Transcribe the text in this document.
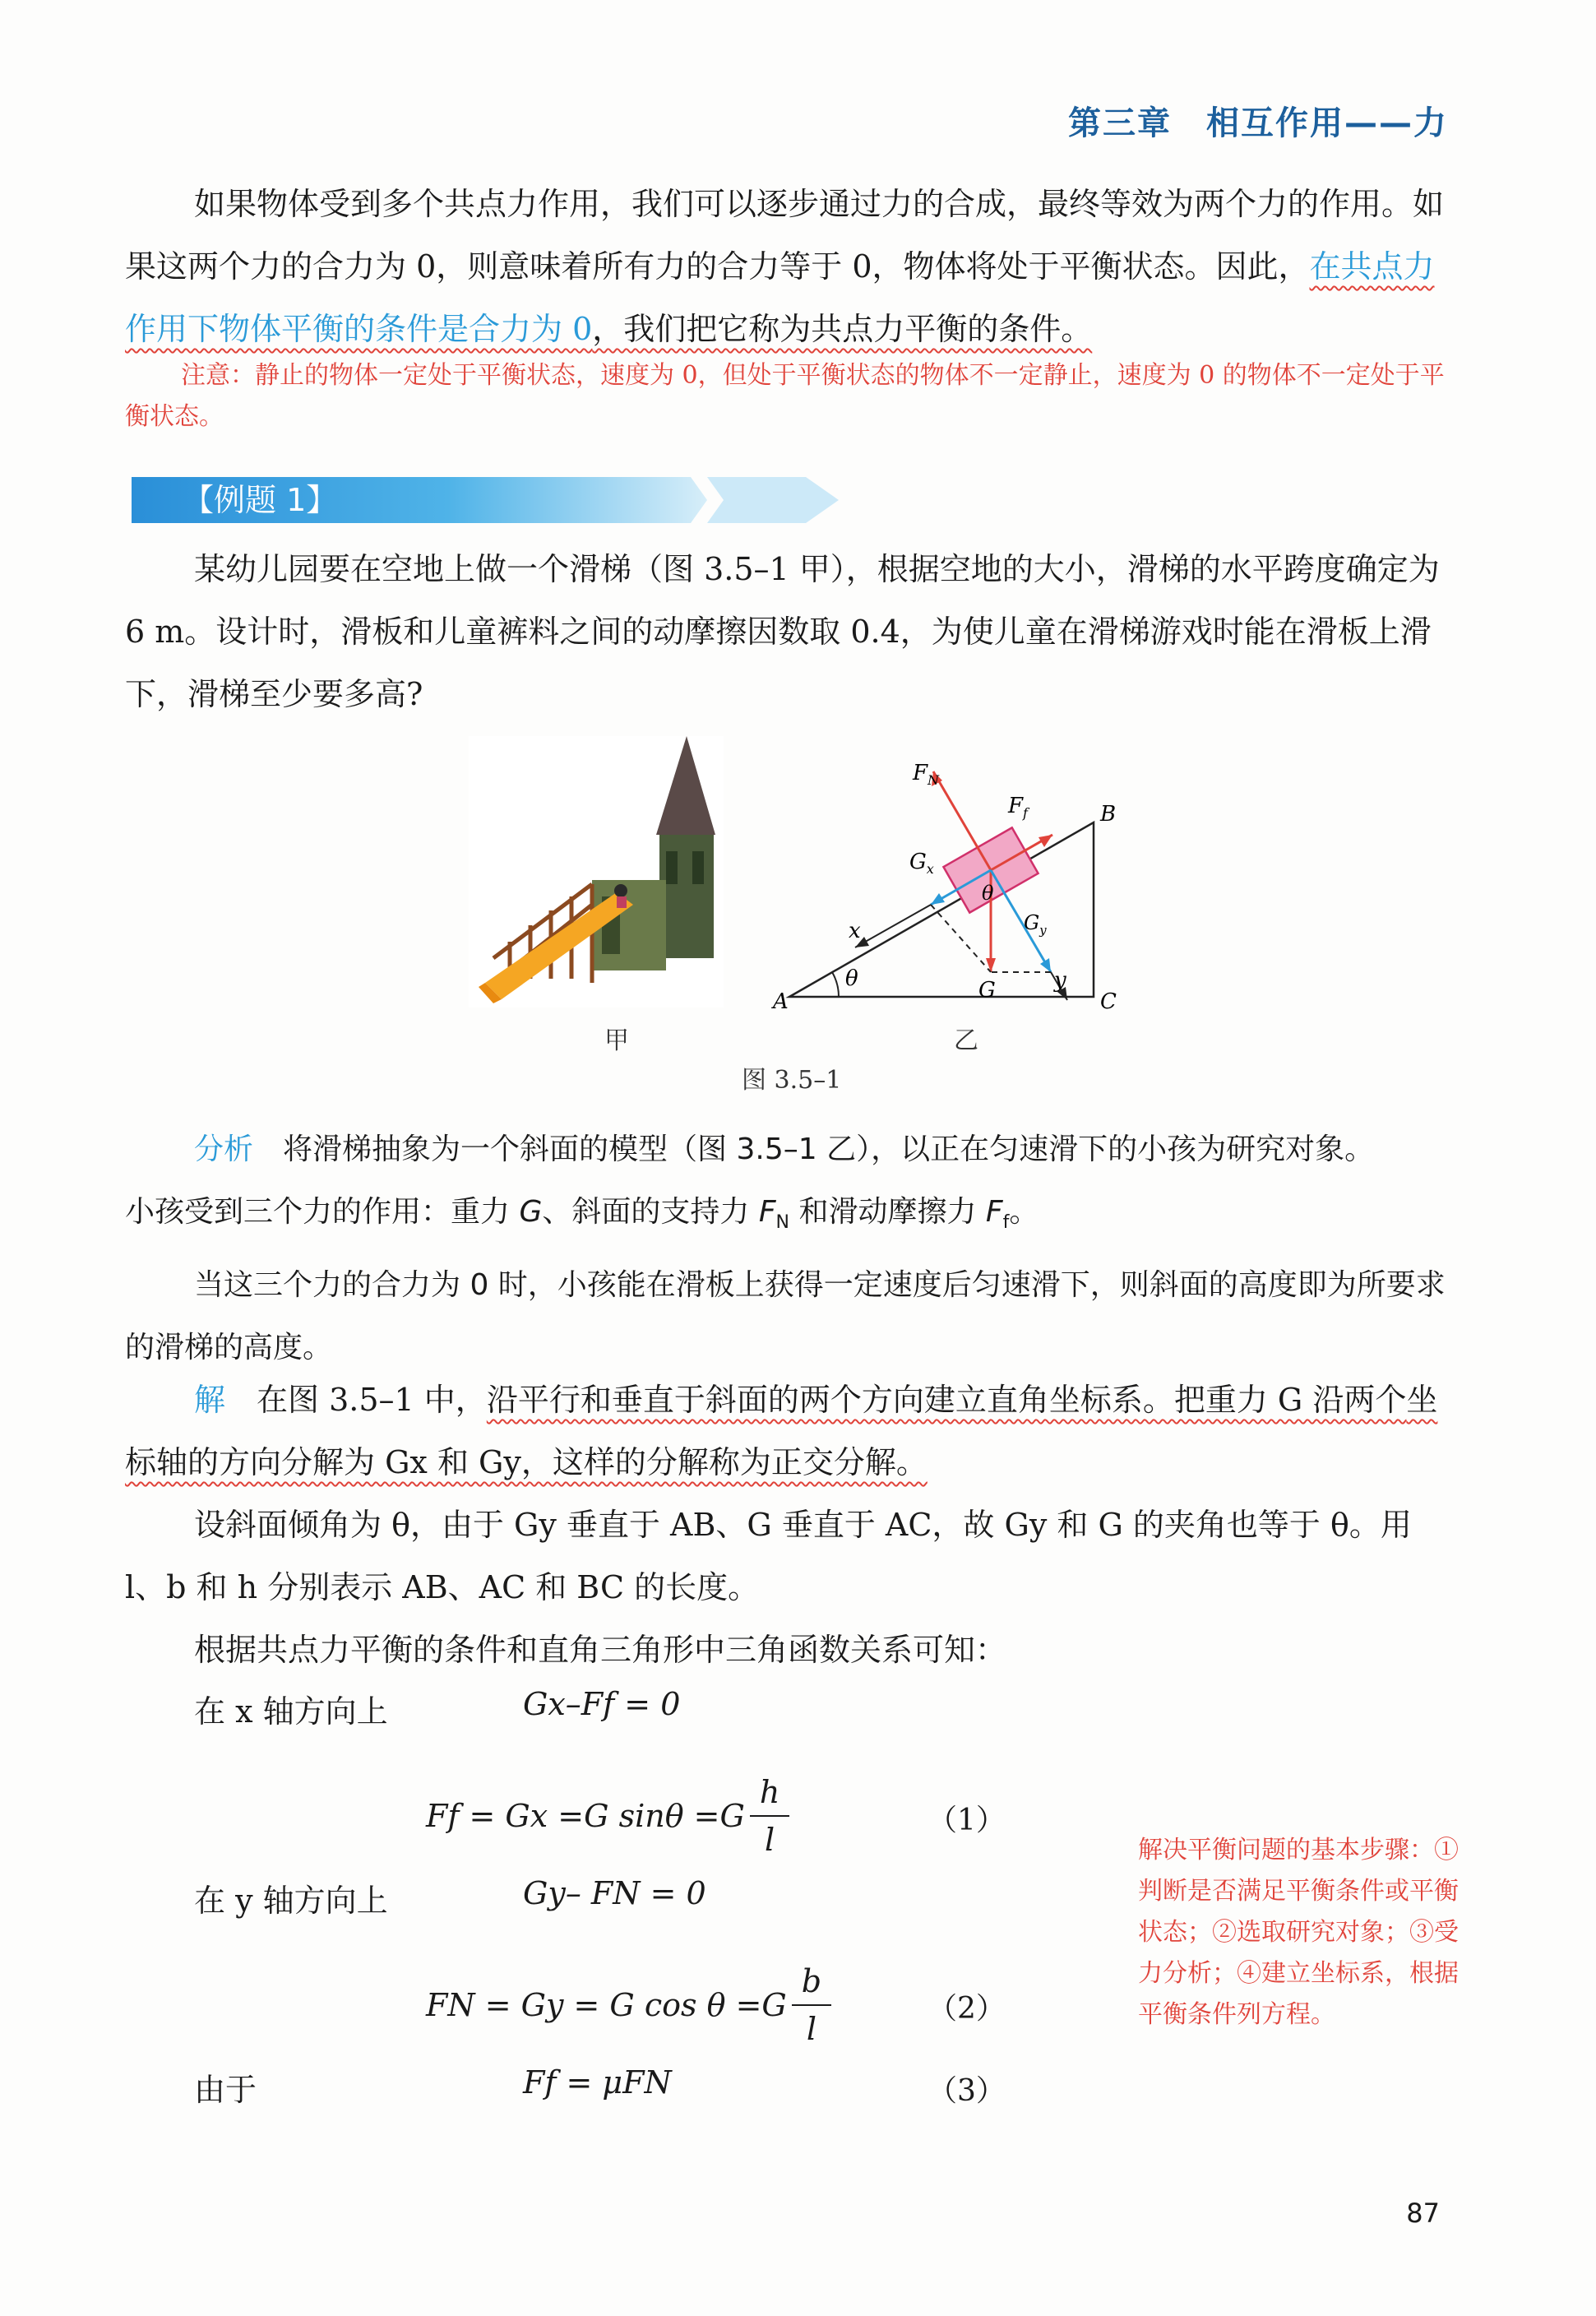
第三章　相互作用——力

如果物体受到多个共点力作用，我们可以逐步通过力的合成，最终等效为两个力的作用。如果这两个力的合力为 0，则意味着所有力的合力等于 0，物体将处于平衡状态。因此，在共点力作用下物体平衡的条件是合力为 0，我们把它称为共点力平衡的条件。

注意：静止的物体一定处于平衡状态，速度为 0，但处于平衡状态的物体不一定静止，速度为 0 的物体不一定处于平衡状态。
【例题 1】

某幼儿园要在空地上做一个滑梯（图 3.5–1 甲），根据空地的大小，滑梯的水平跨度确定为 6 m。设计时，滑板和儿童裤料之间的动摩擦因数取 0.4，为使儿童在滑梯游戏时能在滑板上滑下，滑梯至少要多高?

$F_N$
$F_f$
$G_x$
$G_y$
G
θ
θ
x
y
A
B
C
甲	乙
图 3.5–1

分析　 将滑梯抽象为一个斜面的模型（图 3.5–1 乙），以正在匀速滑下的小孩为研究对象。

小孩受到三个力的作用：重力 G、斜面的支持力 $F_N$ 和滑动摩擦力 $F_f$。

当这三个力的合力为 0 时，小孩能在滑板上获得一定速度后匀速滑下，则斜面的高度即为所要求的滑梯的高度。

解　 在图 3.5–1 中，沿平行和垂直于斜面的两个方向建立直角坐标系。把重力 G 沿两个坐标轴的方向分解为 Gx 和 Gy，这样的分解称为正交分解。

设斜面倾角为 θ，由于 Gy 垂直于 AB、G 垂直于 AC，故 Gy 和 G 的夹角也等于 θ。用 l、b 和 h 分别表示 AB、AC 和 BC 的长度。

根据共点力平衡的条件和直角三角形中三角函数关系可知：

在 x 轴方向上	Gx–Ff = 0
Ff = Gx =G $\sin\theta =G \frac{h}{l}$	（1）
在 y 轴方向上	Gy– FN = 0
FN = Gy = G $\cos \theta =G \frac{b}{l}$	（2）
由于	Ff = μFN	（3）
解决平衡问题的基本步骤：①判断是否满足平衡条件或平衡状态；②选取研究对象；③受力分析；④建立坐标系，根据平衡条件列方程。
87
